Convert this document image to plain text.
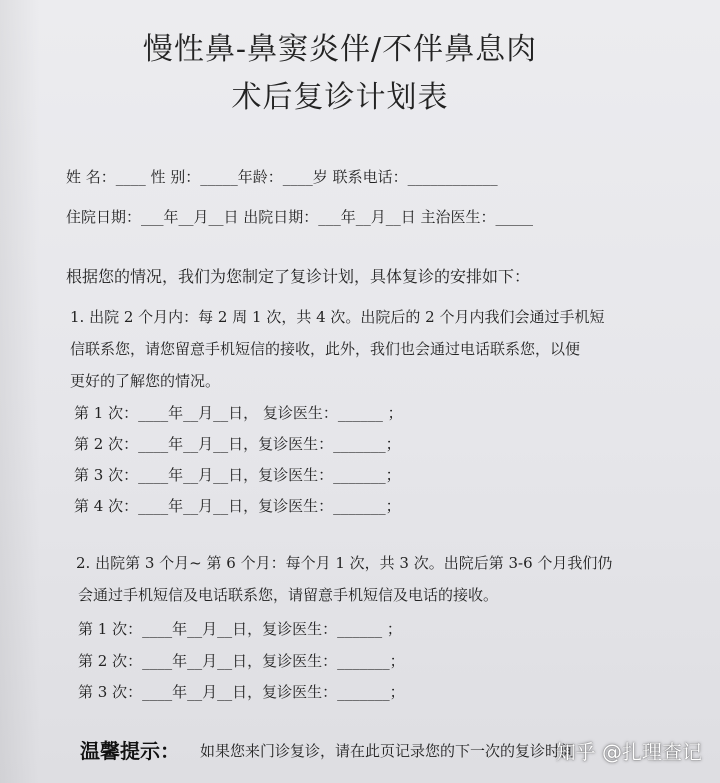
慢性鼻-鼻窦炎伴/不伴鼻息肉
术后复诊计划表
姓 名：____ 性 别：_____年龄：____岁 联系电话：____________
住院日期：___年__月__日 出院日期：___年__月__日 主治医生：_____
根据您的情况，我们为您制定了复诊计划，具体复诊的安排如下：
1. 出院 2 个月内：每 2 周 1 次，共 4 次。出院后的 2 个月内我们会通过手机短
信联系您，请您留意手机短信的接收，此外，我们也会通过电话联系您，以便
更好的了解您的情况。
第 1 次：____年__月__日， 复诊医生：______ ；
第 2 次：____年__月__日，复诊医生：_______；
第 3 次：____年__月__日，复诊医生：_______；
第 4 次：____年__月__日，复诊医生：_______；
2. 出院第 3 个月~ 第 6 个月：每个月 1 次，共 3 次。出院后第 3-6 个月我们仍
会通过手机短信及电话联系您，请留意手机短信及电话的接收。
第 1 次：____年__月__日，复诊医生：______ ；
第 2 次：____年__月__日，复诊医生：_______；
第 3 次：____年__月__日，复诊医生：_______；
温馨提示： 如果您来门诊复诊，请在此页记录您的下一次的复诊时间
知乎 @扎理查记
